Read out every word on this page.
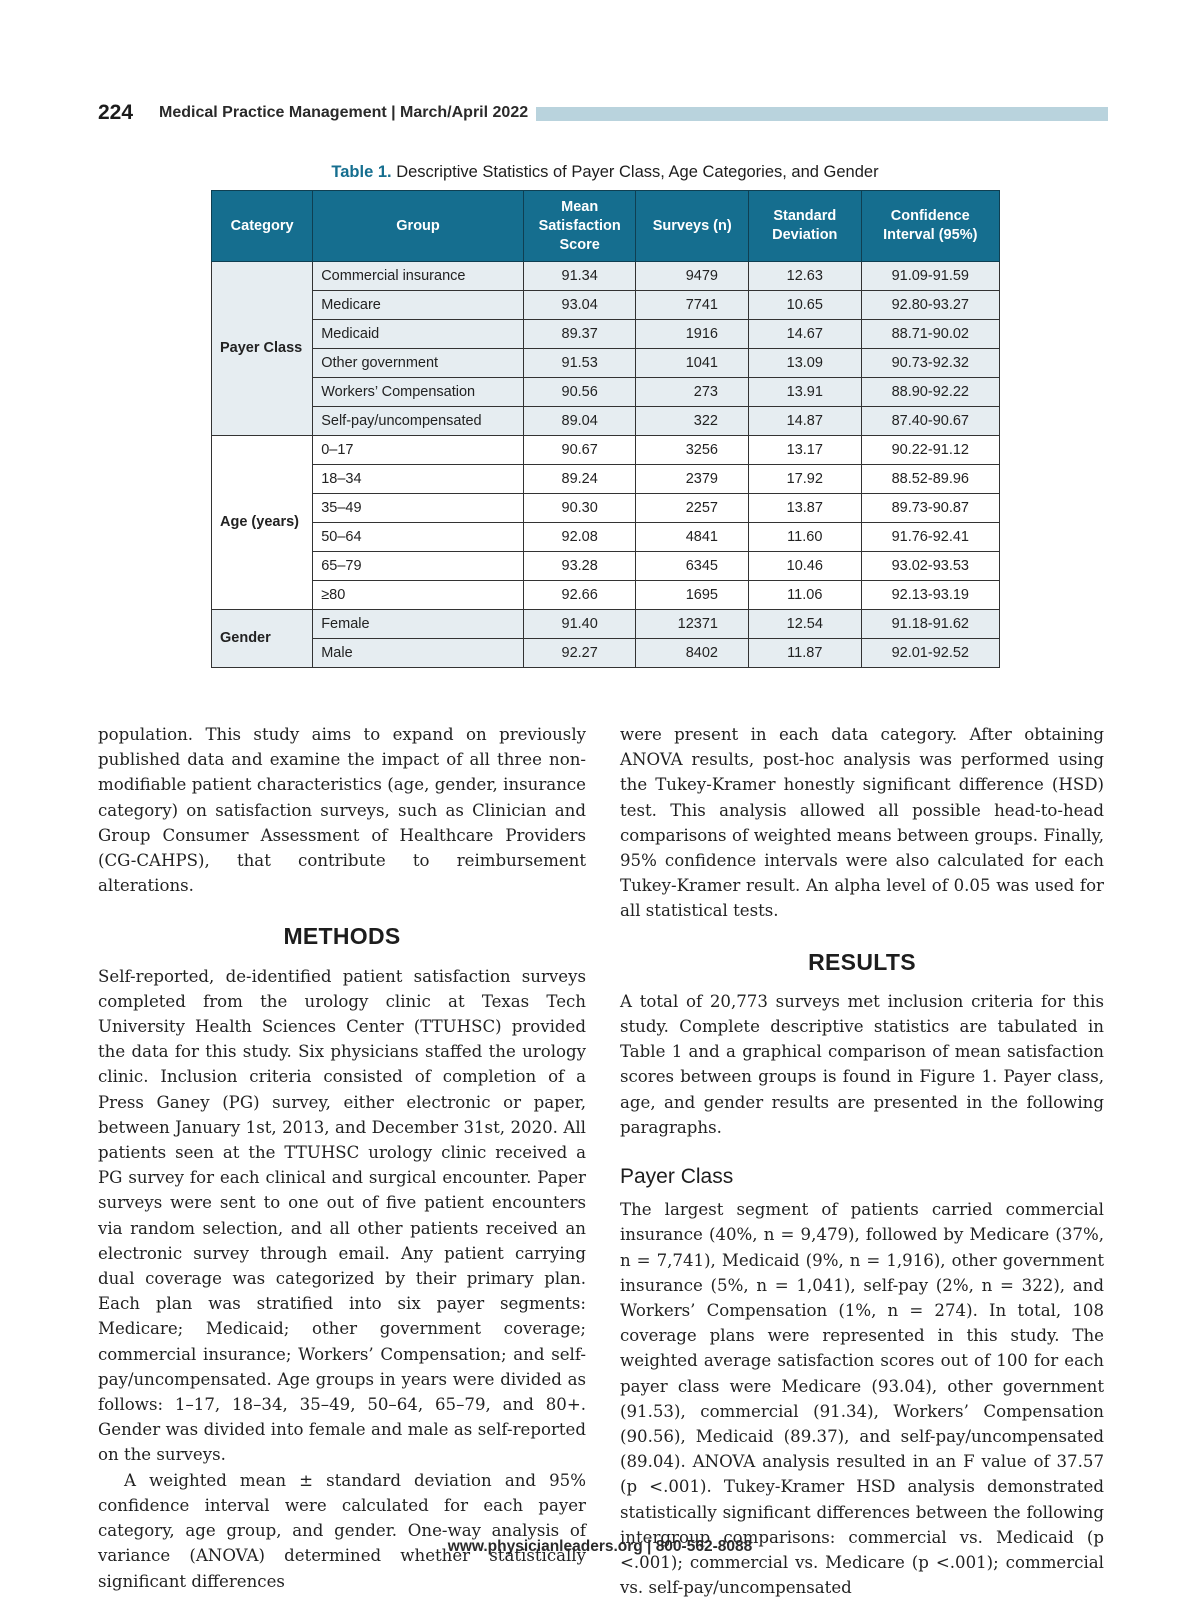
224 Medical Practice Management | March/April 2022
Table 1. Descriptive Statistics of Payer Class, Age Categories, and Gender
Category	Group	Mean Satisfaction Score	Surveys (n)	Standard Deviation	Confidence Interval (95%)
Payer Class	Commercial insurance	91.34	9479	12.63	91.09-91.59
	Medicare	93.04	7741	10.65	92.80-93.27
	Medicaid	89.37	1916	14.67	88.71-90.02
	Other government	91.53	1041	13.09	90.73-92.32
	Workers’ Compensation	90.56	273	13.91	88.90-92.22
	Self-pay/uncompensated	89.04	322	14.87	87.40-90.67
Age (years)	0–17	90.67	3256	13.17	90.22-91.12
	18–34	89.24	2379	17.92	88.52-89.96
	35–49	90.30	2257	13.87	89.73-90.87
	50–64	92.08	4841	11.60	91.76-92.41
	65–79	93.28	6345	10.46	93.02-93.53
	≥80	92.66	1695	11.06	92.13-93.19
Gender	Female	91.40	12371	12.54	91.18-91.62
	Male	92.27	8402	11.87	92.01-92.52

population. This study aims to expand on previously published data and examine the impact of all three non-modifiable patient characteristics (age, gender, insurance category) on satisfaction surveys, such as Clinician and Group Consumer Assessment of Healthcare Providers (CG-CAHPS), that contribute to reimbursement alterations.

METHODS

Self-reported, de-identified patient satisfaction surveys completed from the urology clinic at Texas Tech University Health Sciences Center (TTUHSC) provided the data for this study. Six physicians staffed the urology clinic. Inclusion criteria consisted of completion of a Press Ganey (PG) survey, either electronic or paper, between January 1st, 2013, and December 31st, 2020. All patients seen at the TTUHSC urology clinic received a PG survey for each clinical and surgical encounter. Paper surveys were sent to one out of five patient encounters via random selection, and all other patients received an electronic survey through email. Any patient carrying dual coverage was categorized by their primary plan. Each plan was stratified into six payer segments: Medicare; Medicaid; other government coverage; commercial insurance; Workers’ Compensation; and self-pay/uncompensated. Age groups in years were divided as follows: 1–17, 18–34, 35–49, 50–64, 65–79, and 80+. Gender was divided into female and male as self-reported on the surveys.

A weighted mean ± standard deviation and 95% confidence interval were calculated for each payer category, age group, and gender. One-way analysis of variance (ANOVA) determined whether statistically significant differences

were present in each data category. After obtaining ANOVA results, post-hoc analysis was performed using the Tukey-Kramer honestly significant difference (HSD) test. This analysis allowed all possible head-to-head comparisons of weighted means between groups. Finally, 95% confidence intervals were also calculated for each Tukey-Kramer result. An alpha level of 0.05 was used for all statistical tests.

RESULTS

A total of 20,773 surveys met inclusion criteria for this study. Complete descriptive statistics are tabulated in Table 1 and a graphical comparison of mean satisfaction scores between groups is found in Figure 1. Payer class, age, and gender results are presented in the following paragraphs.

Payer Class

The largest segment of patients carried commercial insurance (40%, n = 9,479), followed by Medicare (37%, n = 7,741), Medicaid (9%, n = 1,916), other government insurance (5%, n = 1,041), self-pay (2%, n = 322), and Workers’ Compensation (1%, n = 274). In total, 108 coverage plans were represented in this study. The weighted average satisfaction scores out of 100 for each payer class were Medicare (93.04), other government (91.53), commercial (91.34), Workers’ Compensation (90.56), Medicaid (89.37), and self-pay/uncompensated (89.04). ANOVA analysis resulted in an F value of 37.57 (p <.001). Tukey-Kramer HSD analysis demonstrated statistically significant differences between the following intergroup comparisons: commercial vs. Medicaid (p <.001); commercial vs. Medicare (p <.001); commercial vs. self-pay/uncompensated

www.physicianleaders.org | 800-562-8088
